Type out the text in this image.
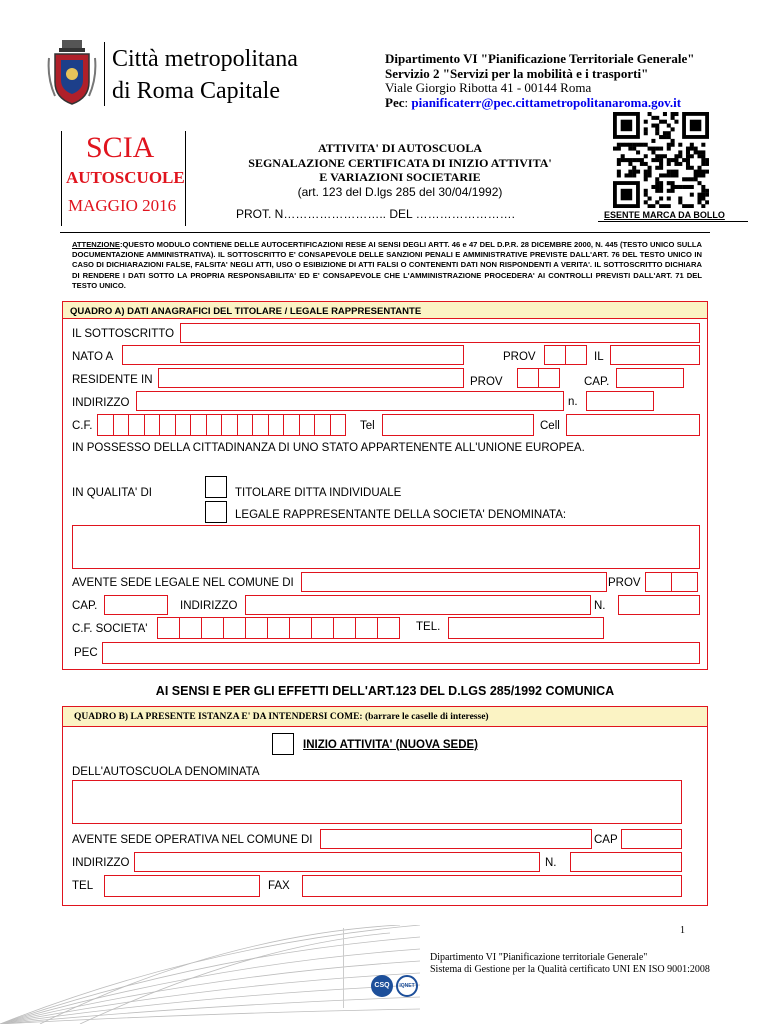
Città metropolitana
di Roma Capitale
Dipartimento VI "Pianificazione Territoriale Generale"
Servizio 2 "Servizi per la mobilità e i trasporti"
Viale Giorgio Ribotta 41 - 00144 Roma
Pec: pianificaterr@pec.cittametropolitanaroma.gov.it
SCIA
AUTOSCUOLE
MAGGIO 2016
ATTIVITA' DI AUTOSCUOLA
SEGNALAZIONE CERTIFICATA DI INIZIO ATTIVITA'
E VARIAZIONI SOCIETARIE
(art. 123 del D.lgs 285 del 30/04/1992)
PROT. N…………………….. DEL …………………….	ESENTE MARCA DA BOLLO
ATTENZIONE:QUESTO MODULO CONTIENE DELLE AUTOCERTIFICAZIONI RESE AI SENSI DEGLI ARTT. 46 e 47 DEL D.P.R. 28 DICEMBRE 2000, N. 445 (TESTO UNICO SULLA DOCUMENTAZIONE AMMINISTRATIVA). IL SOTTOSCRITTO E' CONSAPEVOLE DELLE SANZIONI PENALI E AMMINISTRATIVE PREVISTE DALL'ART. 76 DEL TESTO UNICO IN CASO DI DICHIARAZIONI FALSE, FALSITA' NEGLI ATTI, USO O ESIBIZIONE DI ATTI FALSI O CONTENENTI DATI NON RISPONDENTI A VERITA'. IL SOTTOSCRITTO DICHIARA DI RENDERE I DATI SOTTO LA PROPRIA RESPONSABILITA' ED E' CONSAPEVOLE CHE L'AMMINISTRAZIONE PROCEDERA' AI CONTROLLI PREVISTI DALL'ART. 71 DEL TESTO UNICO.
QUADRO A) DATI ANAGRAFICI DEL TITOLARE / LEGALE RAPPRESENTANTE
IL SOTTOSCRITTO
NATO A	PROV	IL
RESIDENTE IN	PROV	CAP.
INDIRIZZO	n.
C.F.	Tel	Cell
IN POSSESSO DELLA CITTADINANZA DI UNO STATO APPARTENENTE ALL'UNIONE EUROPEA.
IN QUALITA' DI	TITOLARE DITTA INDIVIDUALE
LEGALE RAPPRESENTANTE DELLA SOCIETA' DENOMINATA:
AVENTE SEDE LEGALE NEL COMUNE DI	PROV
CAP.	INDIRIZZO	N.
C.F. SOCIETA'	TEL.
PEC
AI SENSI E PER GLI EFFETTI DELL'ART.123 DEL D.LGS 285/1992 COMUNICA
QUADRO B) LA PRESENTE ISTANZA E' DA INTENDERSI COME: (barrare le caselle di interesse)
INIZIO ATTIVITA' (NUOVA SEDE)
DELL'AUTOSCUOLA DENOMINATA
AVENTE SEDE OPERATIVA NEL COMUNE DI	CAP
INDIRIZZO	N.
TEL	FAX
1
Dipartimento VI "Pianificazione territoriale Generale"
Sistema di Gestione per la Qualità certificato UNI EN ISO 9001:2008
CSQ	IQNET
